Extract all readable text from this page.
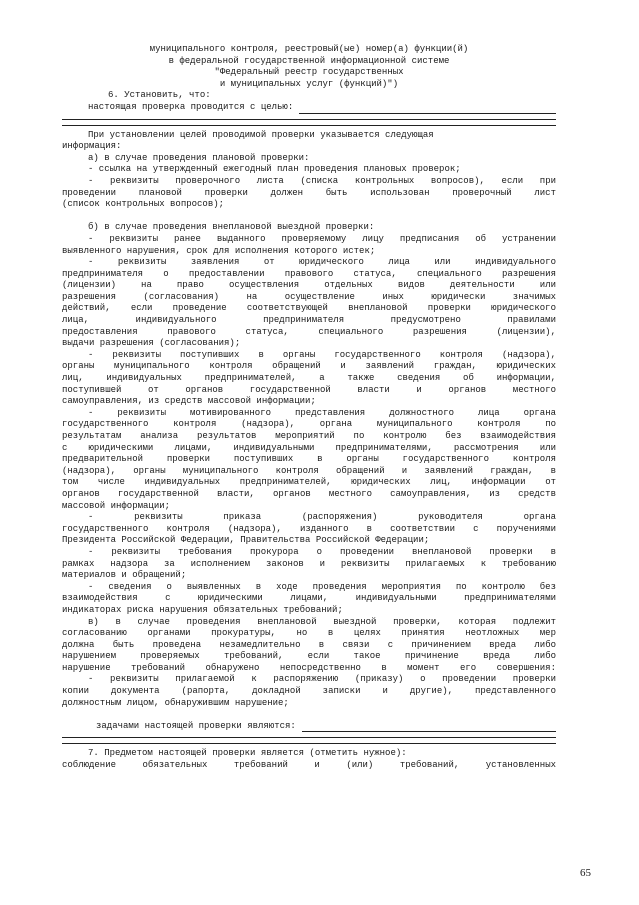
муниципального контроля, реестровый(ые) номер(а) функции(й)
в федеральной государственной информационной системе
"Федеральный реестр государственных
и муниципальных услуг (функций)")
6. Установить, что:
настоящая проверка проводится с целью:
При установлении целей проводимой проверки указывается следующая
информация:
а) в случае проведения плановой проверки:
- ссылка на утвержденный ежегодный план проведения плановых проверок;
- реквизиты проверочного листа (списка контрольных вопросов), если при
проведении плановой проверки должен быть использован проверочный лист
(список контрольных вопросов);
б) в случае проведения внеплановой выездной проверки:
- реквизиты ранее выданного проверяемому лицу предписания об устранении
выявленного нарушения, срок для исполнения которого истек;
- реквизиты заявления от юридического лица или индивидуального
предпринимателя о предоставлении правового статуса, специального разрешения
(лицензии) на право осуществления отдельных видов деятельности или
разрешения (согласования) на осуществление иных юридически значимых
действий, если проведение соответствующей внеплановой проверки юридического
лица, индивидуального предпринимателя предусмотрено правилами
предоставления правового статуса, специального разрешения (лицензии),
выдачи разрешения (согласования);
- реквизиты поступивших в органы государственного контроля (надзора),
органы муниципального контроля обращений и заявлений граждан, юридических
лиц, индивидуальных предпринимателей, а также сведения об информации,
поступившей от органов государственной власти и органов местного
самоуправления, из средств массовой информации;
- реквизиты мотивированного представления должностного лица органа
государственного контроля (надзора), органа муниципального контроля по
результатам анализа результатов мероприятий по контролю без взаимодействия
с юридическими лицами, индивидуальными предпринимателями, рассмотрения или
предварительной проверки поступивших в органы государственного контроля
(надзора), органы муниципального контроля обращений и заявлений граждан, в
том числе индивидуальных предпринимателей, юридических лиц, информации от
органов государственной власти, органов местного самоуправления, из средств
массовой информации;
- реквизиты приказа (распоряжения) руководителя органа
государственного контроля (надзора), изданного в соответствии с поручениями
Президента Российской Федерации, Правительства Российской Федерации;
- реквизиты требования прокурора о проведении внеплановой проверки в
рамках надзора за исполнением законов и реквизиты прилагаемых к требованию
материалов и обращений;
- сведения о выявленных в ходе проведения мероприятия по контролю без
взаимодействия с юридическими лицами, индивидуальными предпринимателями
индикаторах риска нарушения обязательных требований;
в) в случае проведения внеплановой выездной проверки, которая подлежит
согласованию органами прокуратуры, но в целях принятия неотложных мер
должна быть проведена незамедлительно в связи с причинением вреда либо
нарушением проверяемых требований, если такое причинение вреда либо
нарушение требований обнаружено непосредственно в момент его совершения:
- реквизиты прилагаемой к распоряжению (приказу) о проведении проверки
копии документа (рапорта, докладной записки и другие), представленного
должностным лицом, обнаружившим нарушение;
задачами настоящей проверки являются:
7. Предметом настоящей проверки является (отметить нужное):
соблюдение обязательных требований и (или) требований, установленных
65
